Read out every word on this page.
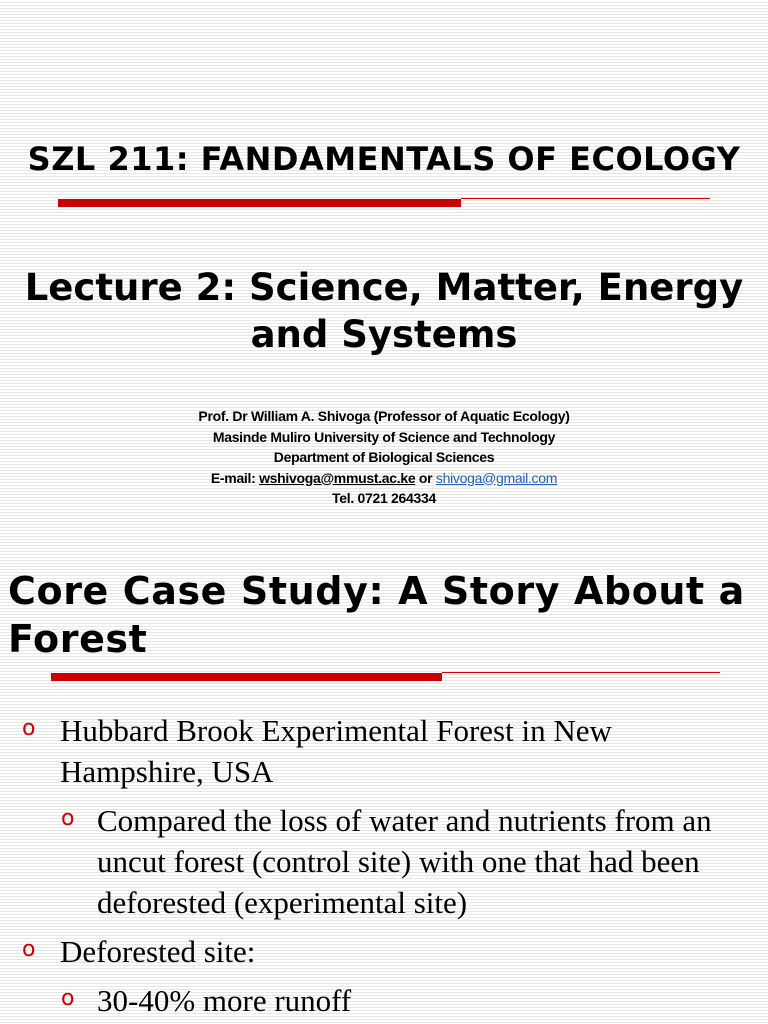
SZL 211: FANDAMENTALS OF ECOLOGY
Lecture 2: Science, Matter, Energy
and Systems
Prof. Dr William A. Shivoga (Professor of Aquatic Ecology)
Masinde Muliro University of Science and Technology
Department of Biological Sciences
E-mail: wshivoga@mmust.ac.ke or shivoga@gmail.com
Tel. 0721 264334
Core Case Study: A Story About a Forest
o Hubbard Brook Experimental Forest in New Hampshire, USA
o Compared the loss of water and nutrients from an uncut forest (control site) with one that had been deforested (experimental site)
o Deforested site:
o 30-40% more runoff
